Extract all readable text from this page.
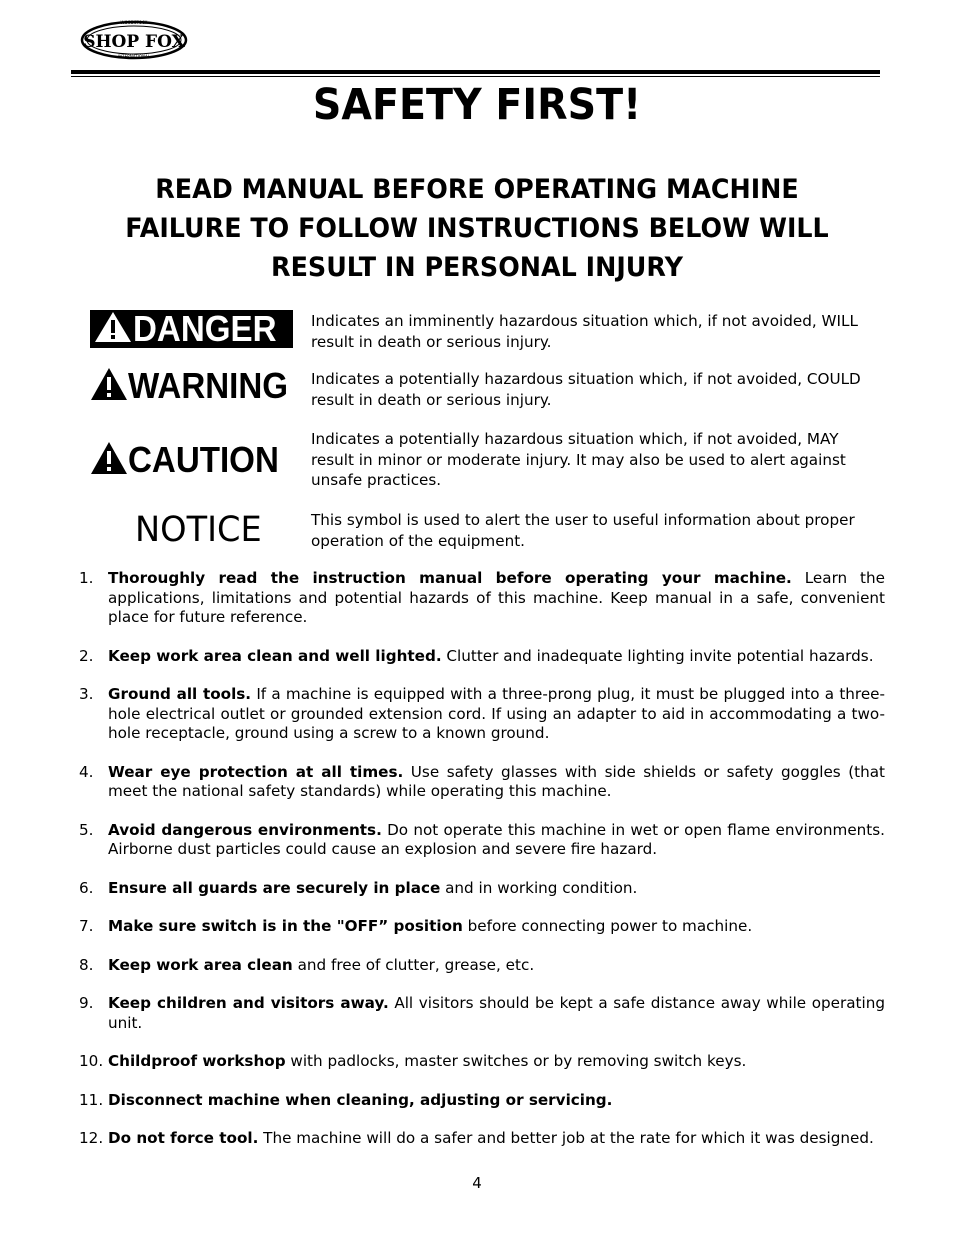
SHOP FOX
WOODSTOCK
INTERNATIONAL
SAFETY FIRST!
READ MANUAL BEFORE OPERATING MACHINE
FAILURE TO FOLLOW INSTRUCTIONS BELOW WILL
RESULT IN PERSONAL INJURY
DANGER Indicates an imminently hazardous situation which, if not avoided, WILL
result in death or serious injury.
WARNING Indicates a potentially hazardous situation which, if not avoided, COULD
result in death or serious injury.
CAUTION Indicates a potentially hazardous situation which, if not avoided, MAY
result in minor or moderate injury. It may also be used to alert against
unsafe practices.
NOTICE	This symbol is used to alert the user to useful information about proper
operation of the equipment.
1. Thoroughly read the instruction manual before operating your machine. Learn the applications, limitations and potential hazards of this machine. Keep manual in a safe, convenient place for future reference.
2. Keep work area clean and well lighted. Clutter and inadequate lighting invite potential hazards.
3. Ground all tools. If a machine is equipped with a three-prong plug, it must be plugged into a three-hole electrical outlet or grounded extension cord. If using an adapter to aid in accommodating a two-hole receptacle, ground using a screw to a known ground.
4. Wear eye protection at all times. Use safety glasses with side shields or safety goggles (that meet the national safety standards) while operating this machine.
5. Avoid dangerous environments. Do not operate this machine in wet or open flame environments. Airborne dust particles could cause an explosion and severe fire hazard.
6. Ensure all guards are securely in place and in working condition.
7. Make sure switch is in the "OFF” position before connecting power to machine.
8. Keep work area clean and free of clutter, grease, etc.
9. Keep children and visitors away. All visitors should be kept a safe distance away while operating unit.
10. Childproof workshop with padlocks, master switches or by removing switch keys.
11. Disconnect machine when cleaning, adjusting or servicing.
12. Do not force tool. The machine will do a safer and better job at the rate for which it was designed.
4
